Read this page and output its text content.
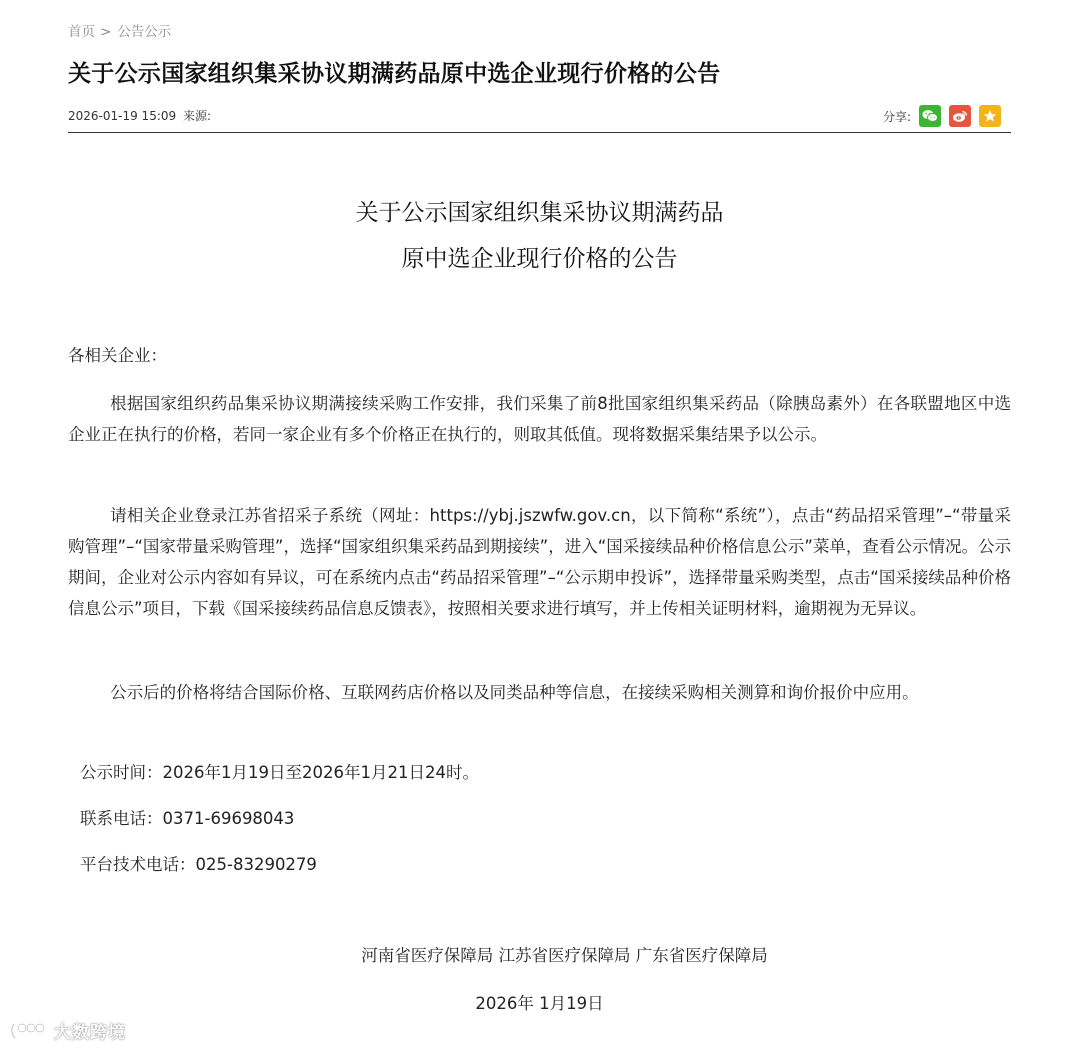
首页 > 公告公示
关于公示国家组织集采协议期满药品原中选企业现行价格的公告
2026-01-19 15:09 来源:	分享:
关于公示国家组织集采协议期满药品
原中选企业现行价格的公告
各相关企业：

根据国家组织药品集采协议期满接续采购工作安排，我们采集了前8批国家组织集采药品（除胰岛素外）在各联盟地区中选企业正在执行的价格，若同一家企业有多个价格正在执行的，则取其低值。现将数据采集结果予以公示。

请相关企业登录江苏省招采子系统（网址：https://ybj.jszwfw.gov.cn，以下简称“系统”），点击“药品招采管理”–“带量采购管理”–“国家带量采购管理”，选择“国家组织集采药品到期接续”，进入“国采接续品种价格信息公示”菜单，查看公示情况。公示期间，企业对公示内容如有异议，可在系统内点击“药品招采管理”–“公示期申投诉”，选择带量采购类型，点击“国采接续品种价格信息公示”项目，下载《国采接续药品信息反馈表》，按照相关要求进行填写，并上传相关证明材料，逾期视为无异议。

公示后的价格将结合国际价格、互联网药店价格以及同类品种等信息，在接续采购相关测算和询价报价中应用。

公示时间：2026年1月19日至2026年1月21日24时。
联系电话：0371-69698043
平台技术电话：025-83290279
河南省医疗保障局 江苏省医疗保障局 广东省医疗保障局
2026年 1月19日
大数跨境
